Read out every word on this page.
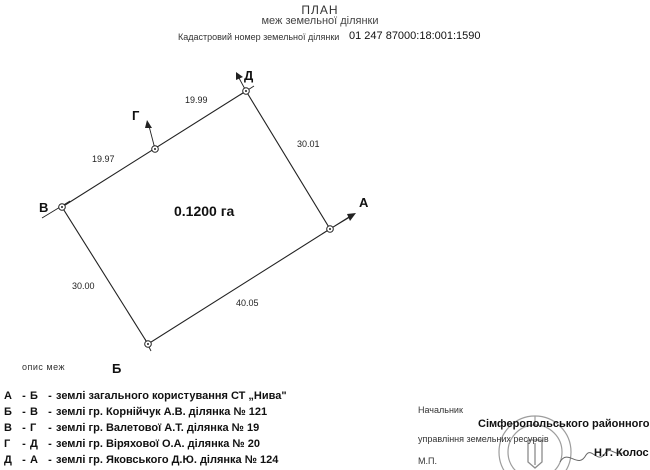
ПЛАН
меж земельної ділянки
Кадастровий номер земельної ділянки 01 247 87000:18:001:1590
Д
Г
В	А
Б
19.97
19.99
30.01
40.05
30.00
0.1200 га
опис меж
А - Б - землі загального користування СТ „Нива"
Б - В - землі гр. Корнійчук А.В. ділянка № 121
В - Г - землі гр. Валетової А.Т. ділянка № 19
Г - Д - землі гр. Віряхової О.А. ділянка № 20
Д - А - землі гр. Яковського Д.Ю. ділянка № 124
Начальник
Сімферопольського районного
управління земельних ресурсів
М.П.
Н.Г. Колос
